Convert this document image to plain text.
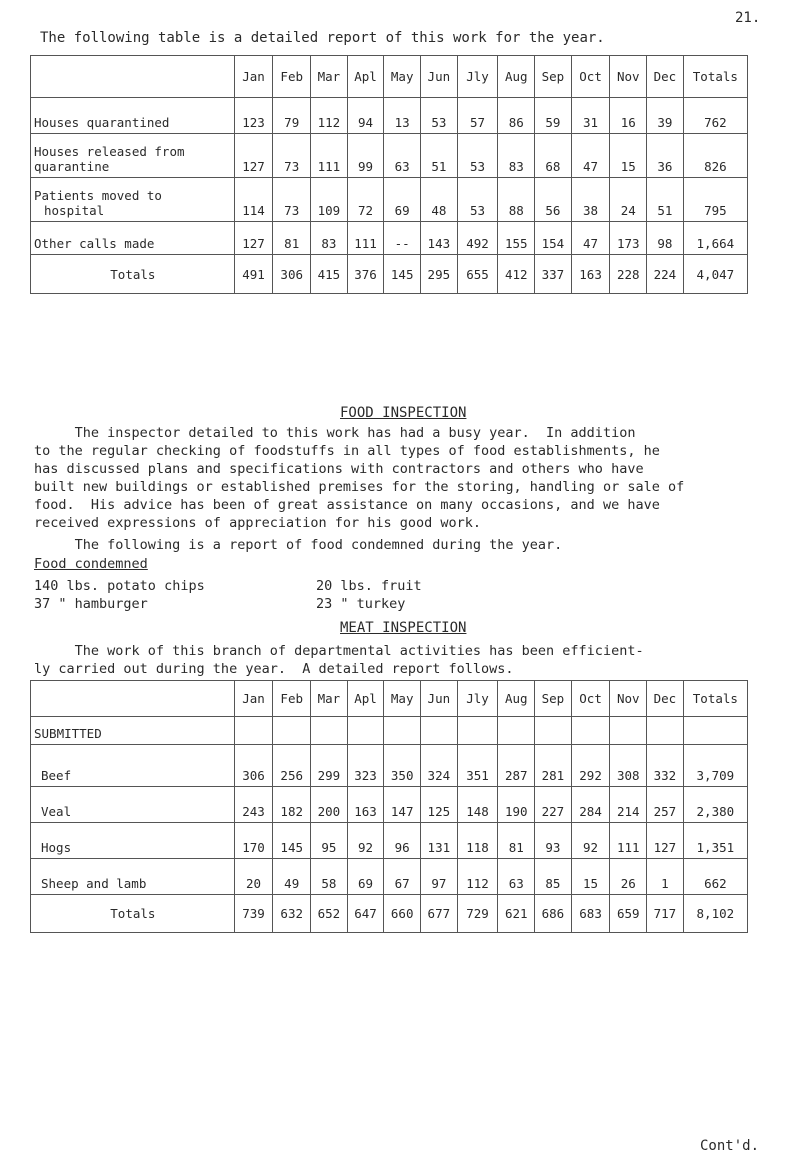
21.
The following table is a detailed report of this work for the year.
	Jan	Feb	Mar	Apl	May	Jun	Jly	Aug	Sep	Oct	Nov	Dec	Totals
Houses quarantined	123	79	112	94	13	53	57	86	59	31	16	39	762
Houses released from
quarantine	127	73	111	99	63	51	53	83	68	47	15	36	826
Patients moved to
hospital	114	73	109	72	69	48	53	88	56	38	24	51	795
Other calls made	127	81	83	111	--	143	492	155	154	47	173	98	1,664
Totals	491	306	415	376	145	295	655	412	337	163	228	224	4,047
FOOD INSPECTION
The inspector detailed to this work has had a busy year.  In addition
to the regular checking of foodstuffs in all types of food establishments, he
has discussed plans and specifications with contractors and others who have
built new buildings or established premises for the storing, handling or sale of
food.  His advice has been of great assistance on many occasions, and we have
received expressions of appreciation for his good work.
The following is a report of food condemned during the year.
Food condemned
140 lbs. potato chips
37 " hamburger
20 lbs. fruit
23 " turkey
MEAT INSPECTION
The work of this branch of departmental activities has been efficient-
ly carried out during the year.  A detailed report follows.
	Jan	Feb	Mar	Apl	May	Jun	Jly	Aug	Sep	Oct	Nov	Dec	Totals
SUBMITTED													
Beef	306	256	299	323	350	324	351	287	281	292	308	332	3,709
Veal	243	182	200	163	147	125	148	190	227	284	214	257	2,380
Hogs	170	145	95	92	96	131	118	81	93	92	111	127	1,351
Sheep and lamb	20	49	58	69	67	97	112	63	85	15	26	1	662
Totals	739	632	652	647	660	677	729	621	686	683	659	717	8,102
Cont'd.
